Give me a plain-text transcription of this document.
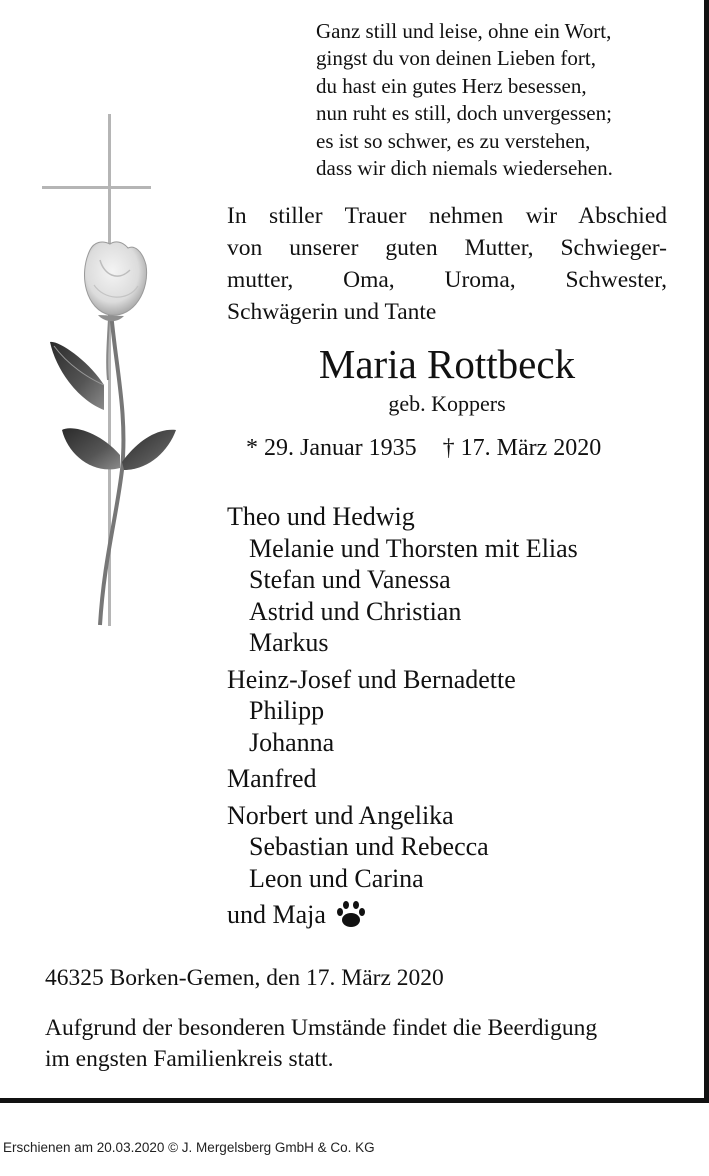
Ganz still und leise, ohne ein Wort,
gingst du von deinen Lieben fort,
du hast ein gutes Herz besessen,
nun ruht es still, doch unvergessen;
es ist so schwer, es zu verstehen,
dass wir dich niemals wiedersehen.
In stiller Trauer nehmen wir Abschied
von unserer guten Mutter, Schwieger-
mutter, Oma, Uroma, Schwester,
Schwägerin und Tante
Maria Rottbeck
geb. Koppers
* 29. Januar 1935 † 17. März 2020
Theo und Hedwig
Melanie und Thorsten mit Elias
Stefan und Vanessa
Astrid und Christian
Markus
Heinz-Josef und Bernadette
Philipp
Johanna
Manfred
Norbert und Angelika
Sebastian und Rebecca
Leon und Carina
und Maja
46325 Borken-Gemen, den 17. März 2020
Aufgrund der besonderen Umstände findet die Beerdigung
im engsten Familienkreis statt.
Erschienen am 20.03.2020 © J. Mergelsberg GmbH & Co. KG
